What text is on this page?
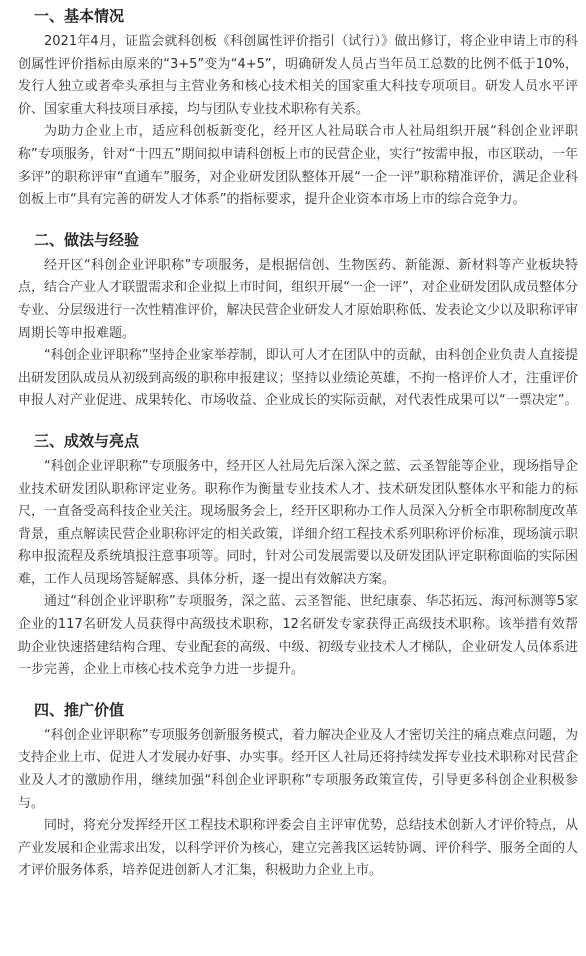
一、基本情况

2021年4月，证监会就科创板《科创属性评价指引（试行）》做出修订，将企业申请上市的科创属性评价指标由原来的“3+5”变为“4+5”，明确研发人员占当年员工总数的比例不低于10%，发行人独立或者牵头承担与主营业务和核心技术相关的国家重大科技专项项目。研发人员水平评价、国家重大科技项目承接，均与团队专业技术职称有关系。

为助力企业上市，适应科创板新变化，经开区人社局联合市人社局组织开展“科创企业评职称”专项服务，针对“十四五”期间拟申请科创板上市的民营企业，实行“按需申报，市区联动，一年多评”的职称评审“直通车”服务，对企业研发团队整体开展“一企一评”职称精准评价，满足企业科创板上市“具有完善的研发人才体系”的指标要求，提升企业资本市场上市的综合竞争力。

二、做法与经验

经开区“科创企业评职称”专项服务，是根据信创、生物医药、新能源、新材料等产业板块特点，结合产业人才联盟需求和企业拟上市时间，组织开展“一企一评”，对企业研发团队成员整体分专业、分层级进行一次性精准评价，解决民营企业研发人才原始职称低、发表论文少以及职称评审周期长等申报难题。

“科创企业评职称”坚持企业家举荐制，即认可人才在团队中的贡献，由科创企业负责人直接提出研发团队成员从初级到高级的职称申报建议；坚持以业绩论英雄，不拘一格评价人才，注重评价申报人对产业促进、成果转化、市场收益、企业成长的实际贡献，对代表性成果可以“一票决定”。

三、成效与亮点

“科创企业评职称”专项服务中，经开区人社局先后深入深之蓝、云圣智能等企业，现场指导企业技术研发团队职称评定业务。职称作为衡量专业技术人才、技术研发团队整体水平和能力的标尺，一直备受高科技企业关注。现场服务会上，经开区职称办工作人员深入分析全市职称制度改革背景，重点解读民营企业职称评定的相关政策，详细介绍工程技术系列职称评价标准，现场演示职称申报流程及系统填报注意事项等。同时，针对公司发展需要以及研发团队评定职称面临的实际困难，工作人员现场答疑解惑、具体分析，逐一提出有效解决方案。

通过“科创企业评职称”专项服务，深之蓝、云圣智能、世纪康泰、华芯拓远、海河标测等5家企业的117名研发人员获得中高级技术职称，12名研发专家获得正高级技术职称。该举措有效帮助企业快速搭建结构合理、专业配套的高级、中级、初级专业技术人才梯队，企业研发人员体系进一步完善，企业上市核心技术竞争力进一步提升。

四、推广价值

“科创企业评职称”专项服务创新服务模式，着力解决企业及人才密切关注的痛点难点问题，为支持企业上市、促进人才发展办好事、办实事。经开区人社局还将持续发挥专业技术职称对民营企业及人才的激励作用，继续加强“科创企业评职称”专项服务政策宣传，引导更多科创企业积极参与。

同时，将充分发挥经开区工程技术职称评委会自主评审优势，总结技术创新人才评价特点，从产业发展和企业需求出发，以科学评价为核心，建立完善我区运转协调、评价科学、服务全面的人才评价服务体系，培养促进创新人才汇集，积极助力企业上市。
